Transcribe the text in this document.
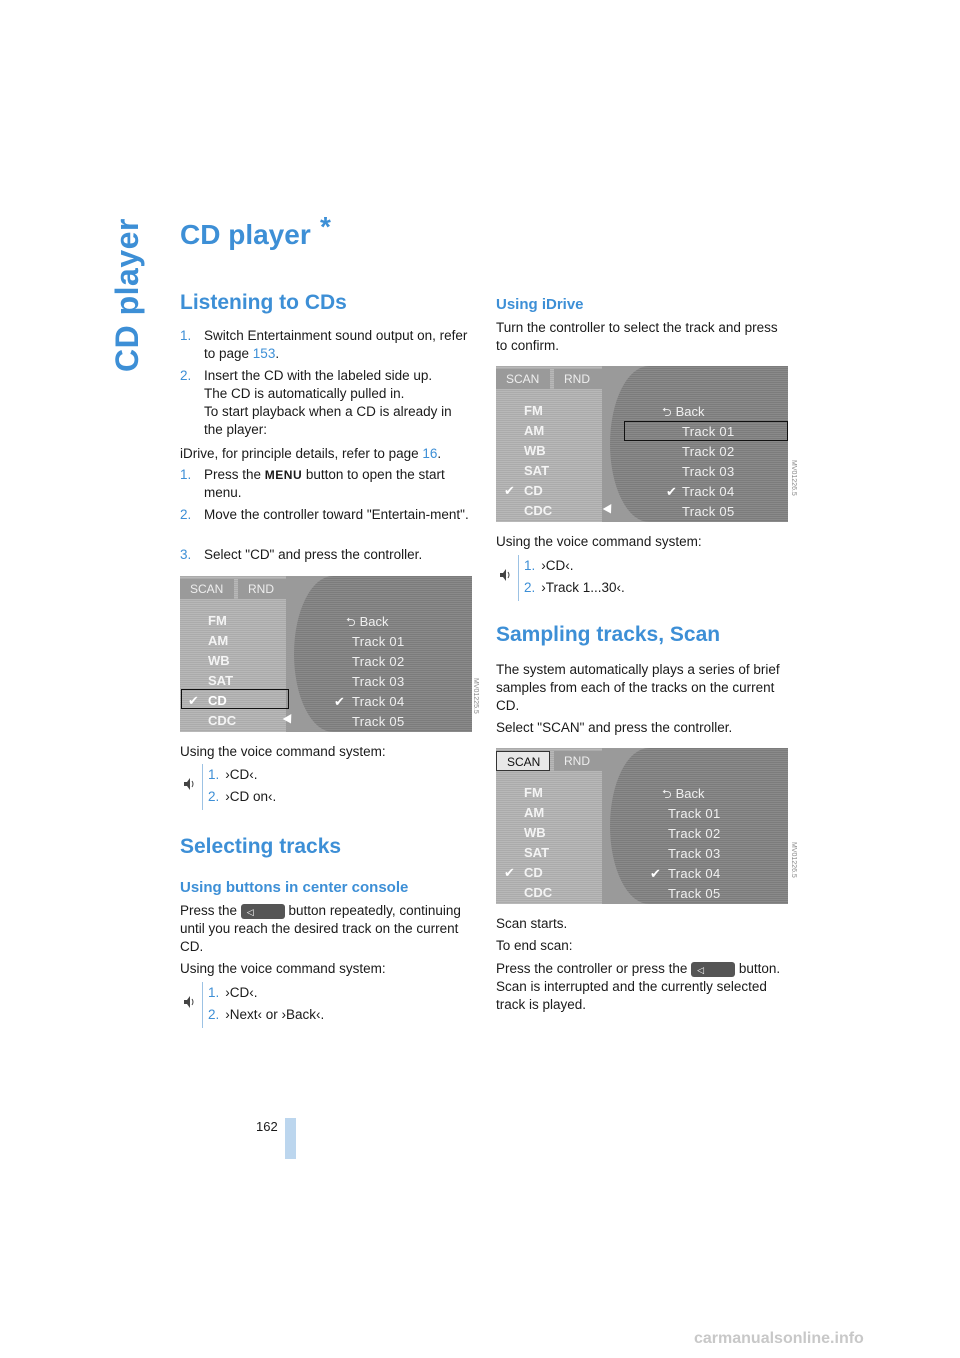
CD player CD player *
Listening to CDs
1. Switch Entertainment sound output on, refer to page 153.
2. Insert the CD with the labeled side up.
The CD is automatically pulled in.
To start playback when a CD is already in the player:
iDrive, for principle details, refer to page 16.
1. Press the MENU button to open the start menu.
2. Move the controller toward "Entertain-ment".
3. Select "CD" and press the controller.
SCAN	RND
FM
AM
WB
SAT
✔ CD
CDC
⮌ Back
Track 01
Track 02
Track 03
✔ Track 04
Track 05
MV01225.5
Using the voice command system:
1. ›CD‹.
2. ›CD on‹.
Selecting tracks
Using buttons in center console
Press the ◁	button repeatedly, continuing until you reach the desired track on the current CD.
Using the voice command system:
1. ›CD‹.
2. ›Next‹ or ›Back‹.
Using iDrive
Turn the controller to select the track and press to confirm.
SCAN	RND
FM
AM
WB
SAT
✔ CD
CDC
⮌ Back
Track 01
Track 02
Track 03
✔ Track 04
Track 05
MV01226.5
Using the voice command system:
1. ›CD‹.
2. ›Track 1...30‹.
Sampling tracks, Scan
The system automatically plays a series of brief samples from each of the tracks on the current CD.
Select "SCAN" and press the controller.
SCAN	RND
FM
AM
WB
SAT
✔ CD
CDC
⮌ Back
Track 01
Track 02
Track 03
✔ Track 04
Track 05
MV01226.5
Scan starts.
To end scan:
Press the controller or press the ◁	button. Scan is interrupted and the currently selected track is played.
162
carmanualsonline.info
